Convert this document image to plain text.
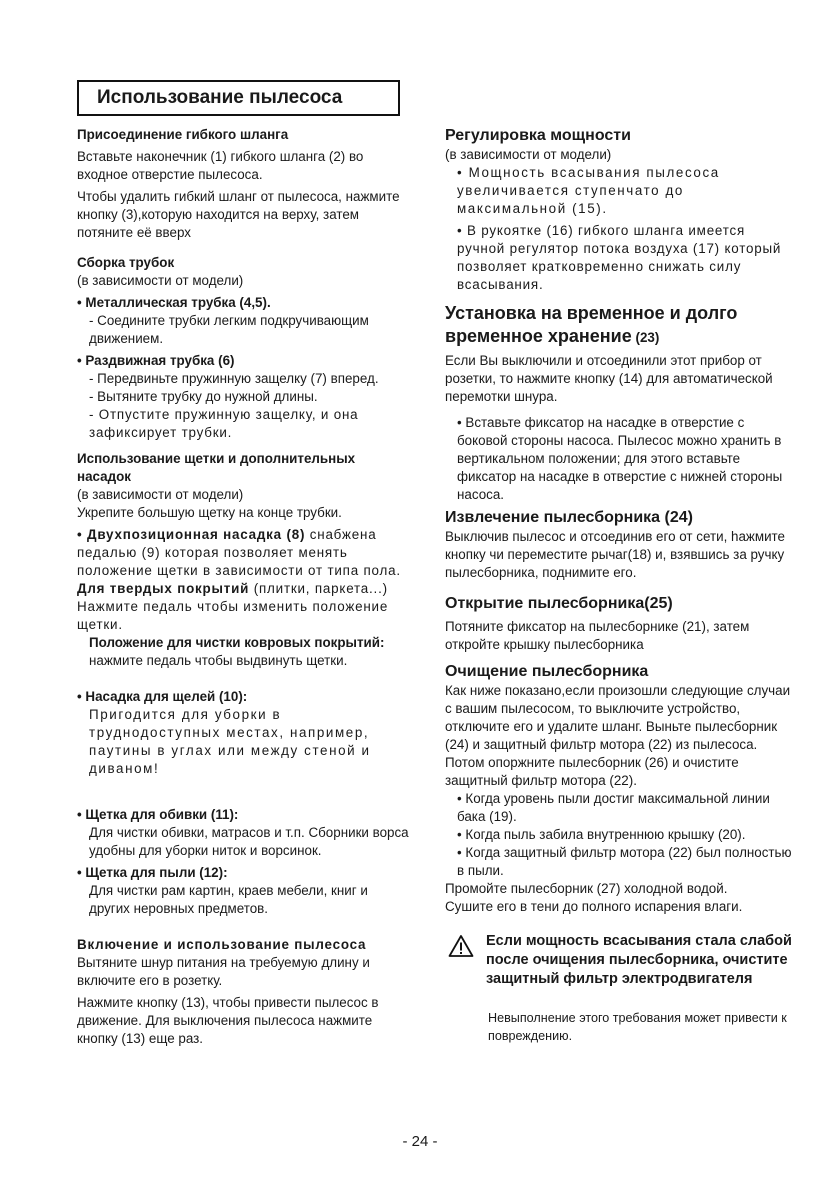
Использование пылесоса

Присоединение гибкого шланга

Вставьте наконечник (1) гибкого шланга (2) во входное отверстие пылесоса.

Чтобы удалить гибкий шланг от пылесоса, нажмите кнопку (3),которую находится на верху, затем потяните её вверх

Сборка трубок

(в зависимости от модели)

• Металлическая трубка (4,5).

- Соедините трубки легким подкручивающим движением.

• Раздвижная трубка (6)

- Передвиньте пружинную защелку (7) вперед.

- Вытяните трубку до нужной длины.

- Отпустите пружинную защелку, и она зафиксирует трубки.

Использование щетки и дополнительных насадок

(в зависимости от модели)

Укрепите большую щетку на конце трубки.

• Двухпозиционная насадка (8) снабжена педалью (9) которая позволяет менять положение щетки в зависимости от типа пола. Для твердых покрытий (плитки, паркета...) Нажмите педаль чтобы изменить положение щетки.

Положение для чистки ковровых покрытий:

нажмите педаль чтобы выдвинуть щетки.

• Насадка для щелей (10):

Пригодится для уборки в труднодоступных местах, например, паутины в углах или между стеной и диваном!

• Щетка для обивки (11):

Для чистки обивки, матрасов и т.п. Сборники ворса удобны для уборки ниток и ворсинок.

• Щетка для пыли (12):

Для чистки рам картин, краев мебели, книг и других неровных предметов.

Включение и использование пылесоса

Вытяните шнур питания на требуемую длину и включите его в розетку.

Нажмите кнопку (13), чтобы привести пылесос в движение. Для выключения пылесоса нажмите кнопку (13) еще раз.

Регулировка мощности

(в зависимости от модели)

• Мощность всасывания пылесоса увеличивается ступенчато до максимальной (15).

• В рукоятке (16) гибкого шланга имеется ручной регулятор потока воздуха (17) который позволяет кратковременно снижать силу всасывания.

Установка на временное и долго временное хранение (23)

Если Вы выключили и отсоединили этот прибор от розетки, то нажмите кнопку (14) для автоматической перемотки шнура.

• Вставьте фиксатор на насадке в отверстие с боковой стороны насоса. Пылесос можно хранить в вертикальном положении; для этого вставьте фиксатор на насадке в отверстие с нижней стороны насоса.

Извлечение пылесборника (24)

Выключив пылесос и отсоединив его от сети, hажмите кнопку чи переместите рычаг(18) и, взявшись за ручку пылесборника, поднимите его.

Открытие пылесборника(25)

Потяните фиксатор на пылесборнике (21), затем откройте крышку пылесборника

Очищение пылесборника

Как ниже показано,если произошли следующие случаи с вашим пылесосом, то выключите устройство, отключите его и удалите шланг. Выньте пылесборник (24) и защитный фильтр мотора (22) из пылесоса. Потом опоржните пылесборник (26) и очистите защитный фильтр мотора (22).

• Когда уровень пыли достиг максимальной линии бака (19).

• Когда пыль забила внутреннюю крышку (20).

• Когда защитный фильтр мотора (22) был полностью в пыли.

Промойте пылесборник (27) холодной водой.

Сушите его в тени до полного испарения влаги.

Если мощность всасывания стала слабой после очищения пылесборника, очистите защитный фильтр электродвигателя
Невыполнение этого требования может привести к повреждению.
- 24 -
